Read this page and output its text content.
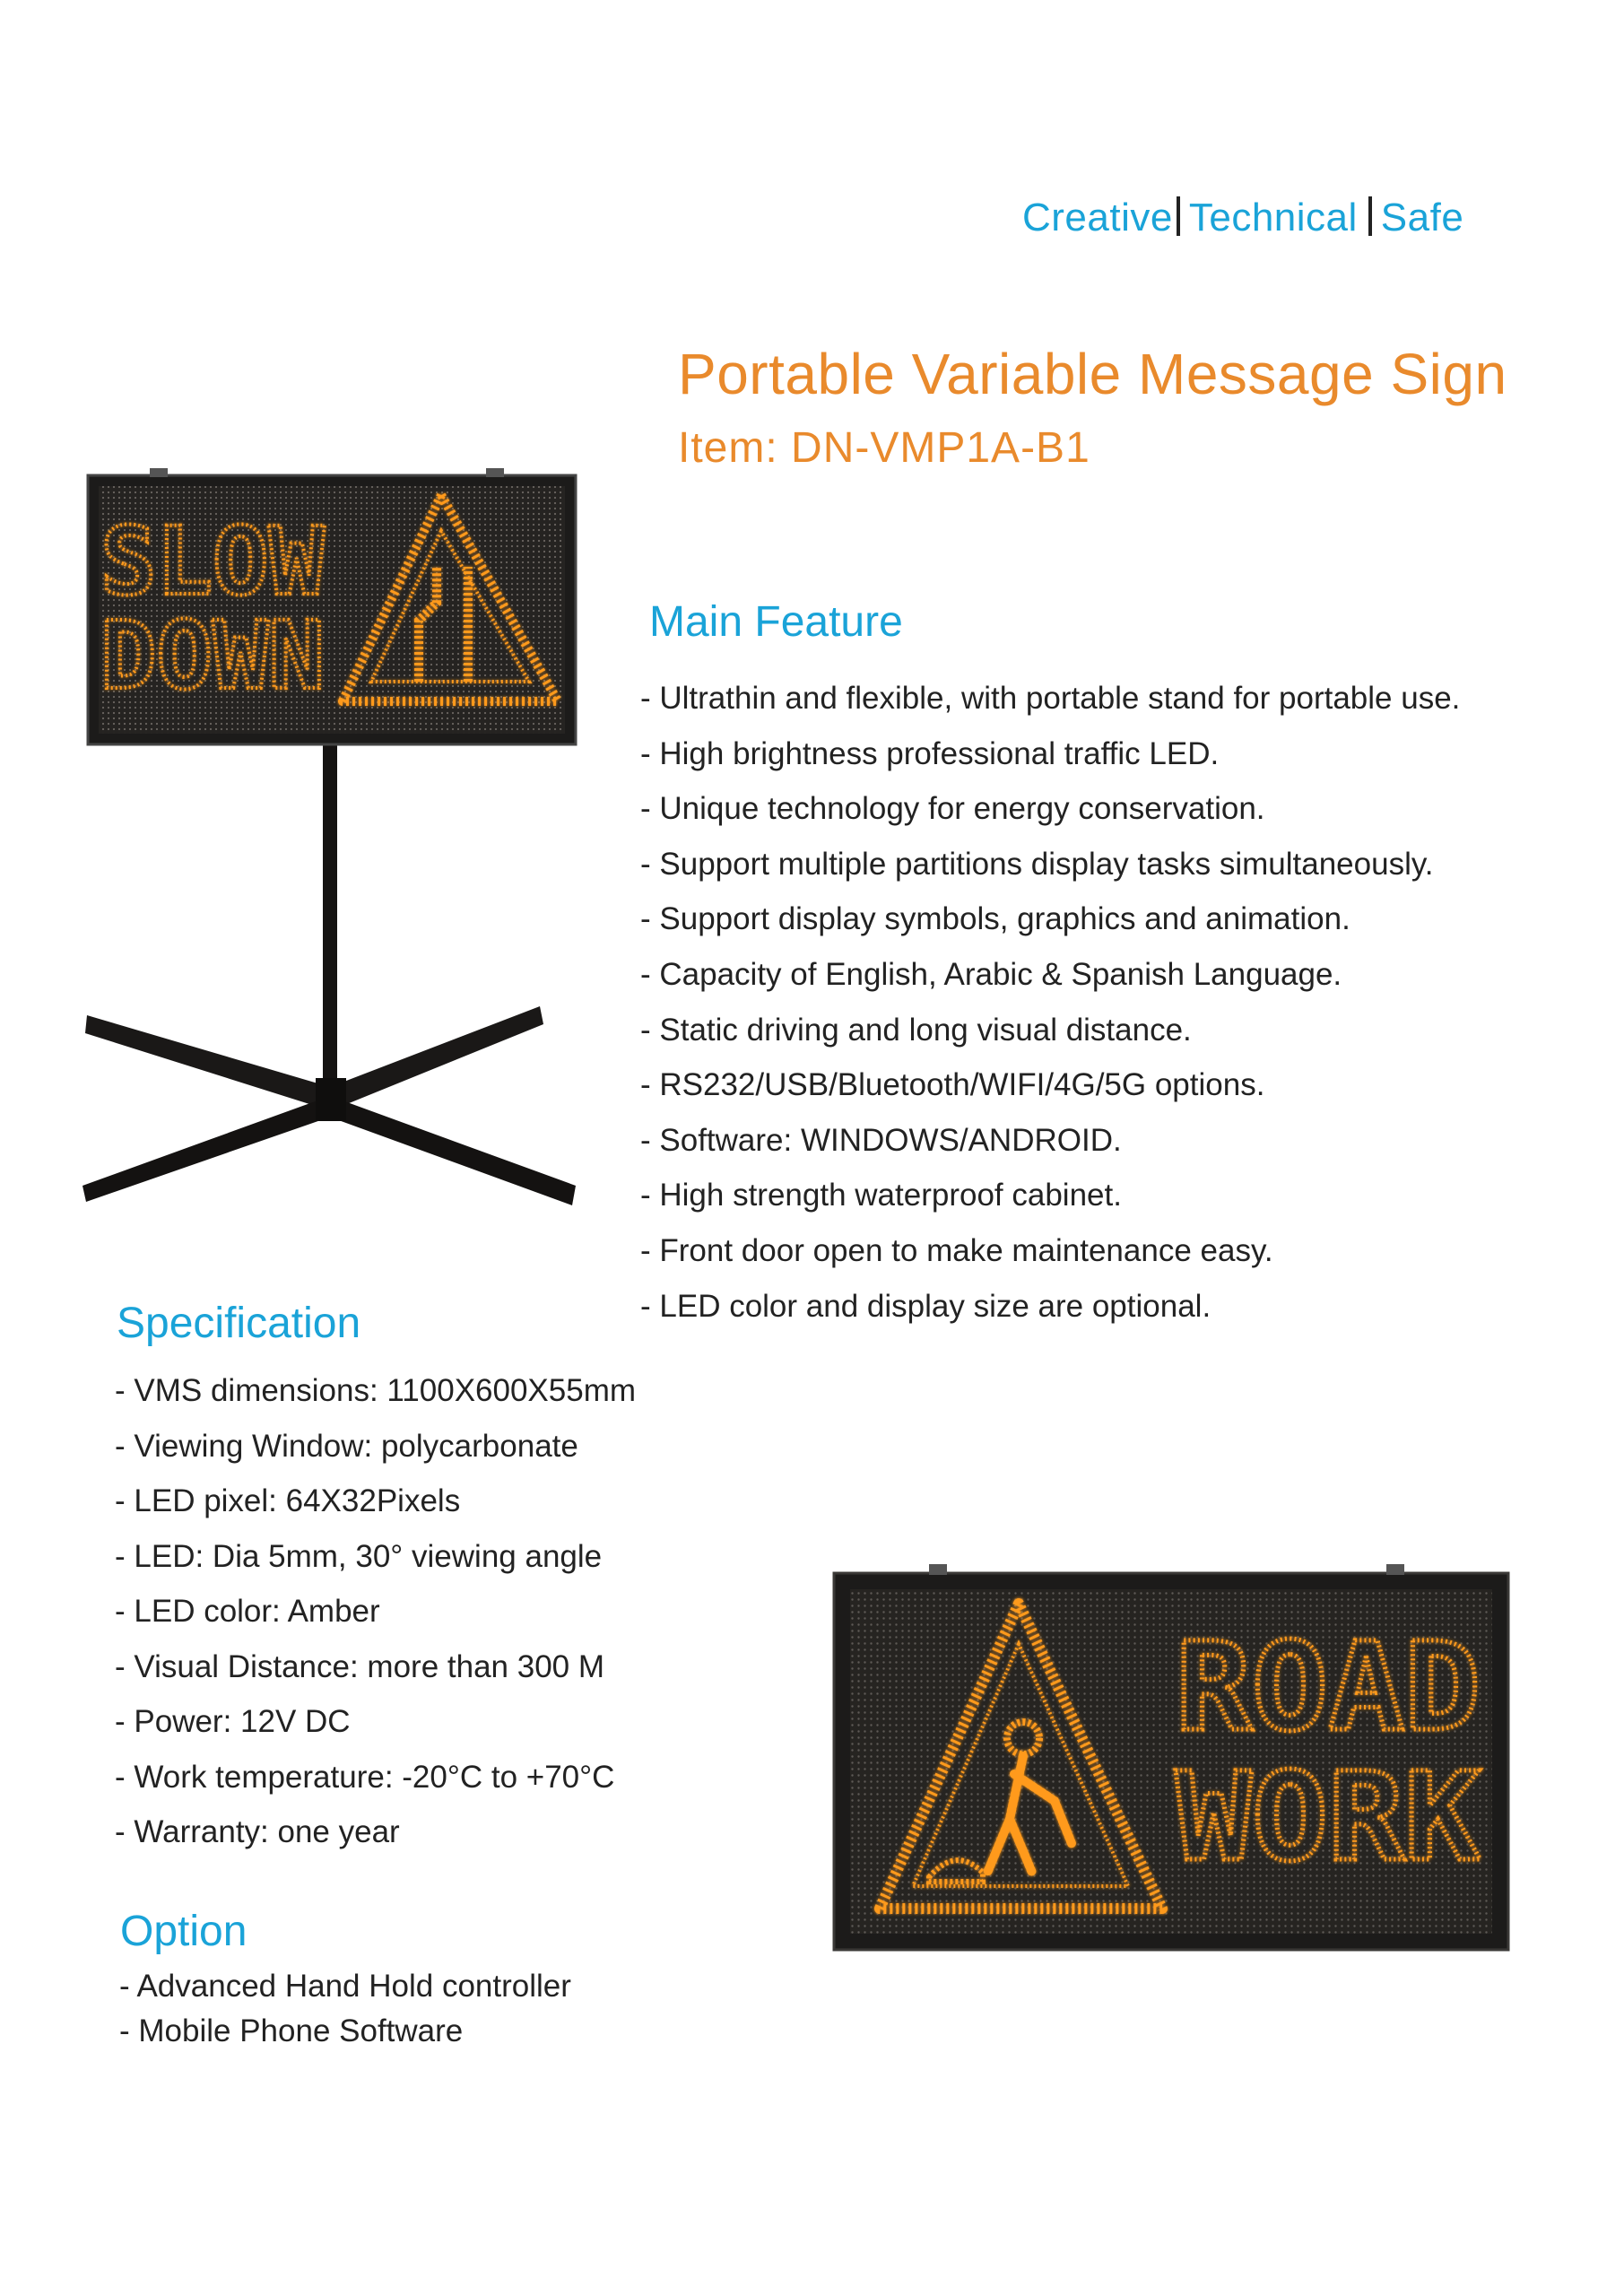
Creative Technical Safe
Portable Variable Message Sign
Item: DN-VMP1A-B1
SLOW
DOWN	Main Feature
- Ultrathin and flexible, with portable stand for portable use.
- High brightness professional traffic LED.
- Unique technology for energy conservation.
- Support multiple partitions display tasks simultaneously.
- Support display symbols, graphics and animation.
- Capacity of English, Arabic & Spanish Language.
- Static driving and long visual distance.
- RS232/USB/Bluetooth/WIFI/4G/5G options.
- Software: WINDOWS/ANDROID.
- High strength waterproof cabinet.
- Front door open to make maintenance easy.
- LED color and display size are optional.
Specification
- VMS dimensions: 1100X600X55mm
- Viewing Window: polycarbonate
- LED pixel: 64X32Pixels
- LED: Dia 5mm, 30° viewing angle
- LED color: Amber
- Visual Distance: more than 300 M
- Power: 12V DC
- Work temperature: -20°C to +70°C
- Warranty: one year
Option
- Advanced Hand Hold controller
- Mobile Phone Software
ROAD
WORK
